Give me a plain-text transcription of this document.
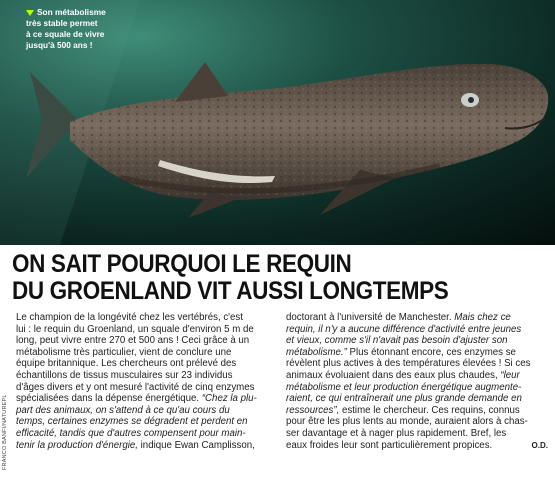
Son métabolisme
très stable permet
à ce squale de vivre
jusqu'à 500 ans !
FRANCO BANFI/NATUREPL
ON SAIT POURQUOI LE REQUIN
DU GROENLAND VIT AUSSI LONGTEMPS
Le champion de la longévité chez les vertébrés, c'est
lui : le requin du Groenland, un squale d'environ 5 m de
long, peut vivre entre 270 et 500 ans ! Ceci grâce à un
métabolisme très particulier, vient de conclure une
équipe britannique. Les chercheurs ont prélevé des
échantillons de tissus musculaires sur 23 individus
d'âges divers et y ont mesuré l'activité de cinq enzymes
spécialisées dans la dépense énergétique. “Chez la plu-
part des animaux, on s'attend à ce qu'au cours du
temps, certaines enzymes se dégradent et perdent en
efficacité, tandis que d'autres compensent pour main-
tenir la production d'énergie, indique Ewan Camplisson,
doctorant à l'université de Manchester. Mais chez ce
requin, il n'y a aucune différence d'activité entre jeunes
et vieux, comme s'il n'avait pas besoin d'ajuster son
métabolisme.” Plus étonnant encore, ces enzymes se
révèlent plus actives à des températures élevées ! Si ces
animaux évoluaient dans des eaux plus chaudes, “leur
métabolisme et leur production énergétique augmente-
raient, ce qui entraînerait une plus grande demande en
ressources”, estime le chercheur. Ces requins, connus
pour être les plus lents au monde, auraient alors à chas-
ser davantage et à nager plus rapidement. Bref, les
eaux froides leur sont particulièrement propices.	O.D.
